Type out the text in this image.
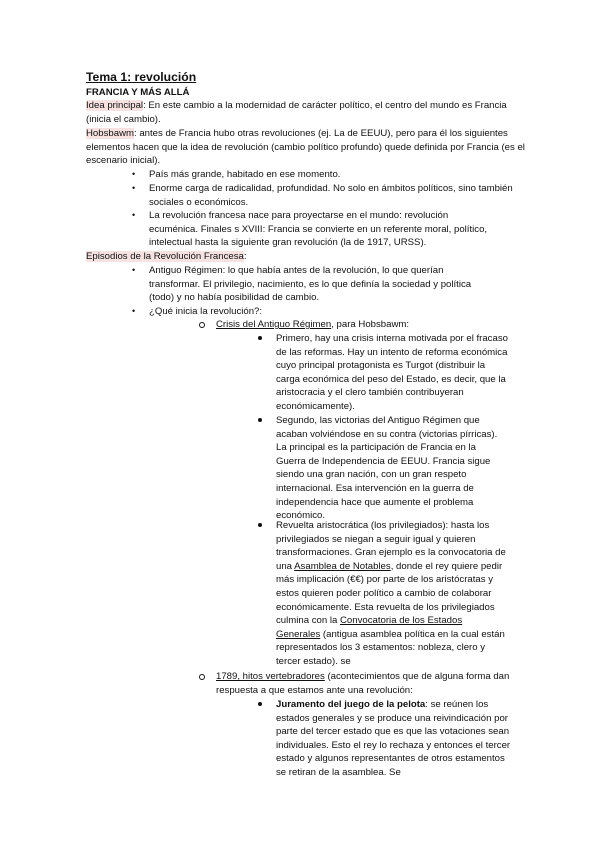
Tema 1: revolución
FRANCIA Y MÁS ALLÁ
Idea principal: En este cambio a la modernidad de carácter político, el centro del mundo es Francia (inicia el cambio).
Hobsbawm: antes de Francia hubo otras revoluciones (ej. La de EEUU), pero para él los siguientes elementos hacen que la idea de revolución (cambio político profundo) quede definida por Francia (es el escenario inicial).
• País más grande, habitado en ese momento.
• Enorme carga de radicalidad, profundidad. No solo en ámbitos políticos, sino también sociales o económicos.
• La revolución francesa nace para proyectarse en el mundo: revolución ecuménica. Finales s XVIII: Francia se convierte en un referente moral, político, intelectual hasta la siguiente gran revolución (la de 1917, URSS).
Episodios de la Revolución Francesa:
• Antiguo Régimen: lo que había antes de la revolución, lo que querían transformar. El privilegio, nacimiento, es lo que definía la sociedad y política (todo) y no había posibilidad de cambio.
• ¿Qué inicia la revolución?:
Crisis del Antiguo Régimen, para Hobsbawm:
Primero, hay una crisis interna motivada por el fracaso de las reformas. Hay un intento de reforma económica cuyo principal protagonista es Turgot (distribuir la carga económica del peso del Estado, es decir, que la aristocracia y el clero también contribuyeran económicamente).
Segundo, las victorias del Antiguo Régimen que acaban volviéndose en su contra (victorias pírricas). La principal es la participación de Francia en la Guerra de Independencia de EEUU. Francia sigue siendo una gran nación, con un gran respeto internacional. Esa intervención en la guerra de independencia hace que aumente el problema económico.
Revuelta aristocrática (los privilegiados): hasta los privilegiados se niegan a seguir igual y quieren transformaciones. Gran ejemplo es la convocatoria de una Asamblea de Notables, donde el rey quiere pedir más implicación (€€) por parte de los aristócratas y estos quieren poder político a cambio de colaborar económicamente. Esta revuelta de los privilegiados culmina con la Convocatoria de los Estados Generales (antigua asamblea política en la cual están representados los 3 estamentos: nobleza, clero y tercer estado). se
1789, hitos vertebradores (acontecimientos que de alguna forma dan respuesta a que estamos ante una revolución:
Juramento del juego de la pelota: se reúnen los estados generales y se produce una reivindicación por parte del tercer estado que es que las votaciones sean individuales. Esto el rey lo rechaza y entonces el tercer estado y algunos representantes de otros estamentos se retiran de la asamblea. Se
